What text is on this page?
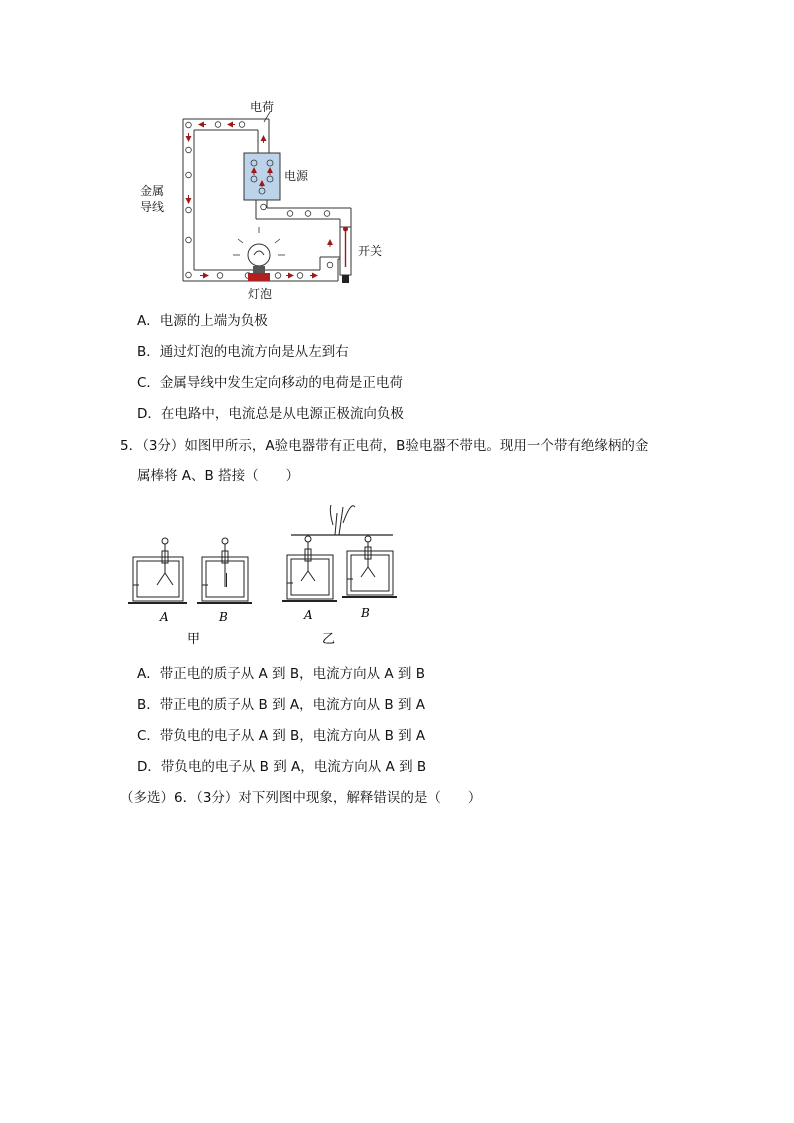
电荷
电源
金属
导线
开关
灯泡
A．电源的上端为负极
B．通过灯泡的电流方向是从左到右
C．金属导线中发生定向移动的电荷是正电荷
D．在电路中，电流总是从电源正极流向负极
5．（3分）如图甲所示，A验电器带有正电荷，B验电器不带电。现用一个带有绝缘柄的金
属棒将 A、B 搭接（　　）
A	B	A	B
甲	乙
A．带正电的质子从 A 到 B，电流方向从 A 到 B
B．带正电的质子从 B 到 A，电流方向从 B 到 A
C．带负电的电子从 A 到 B，电流方向从 B 到 A
D．带负电的电子从 B 到 A，电流方向从 A 到 B
（多选）6．（3分）对下列图中现象，解释错误的是（　　）
